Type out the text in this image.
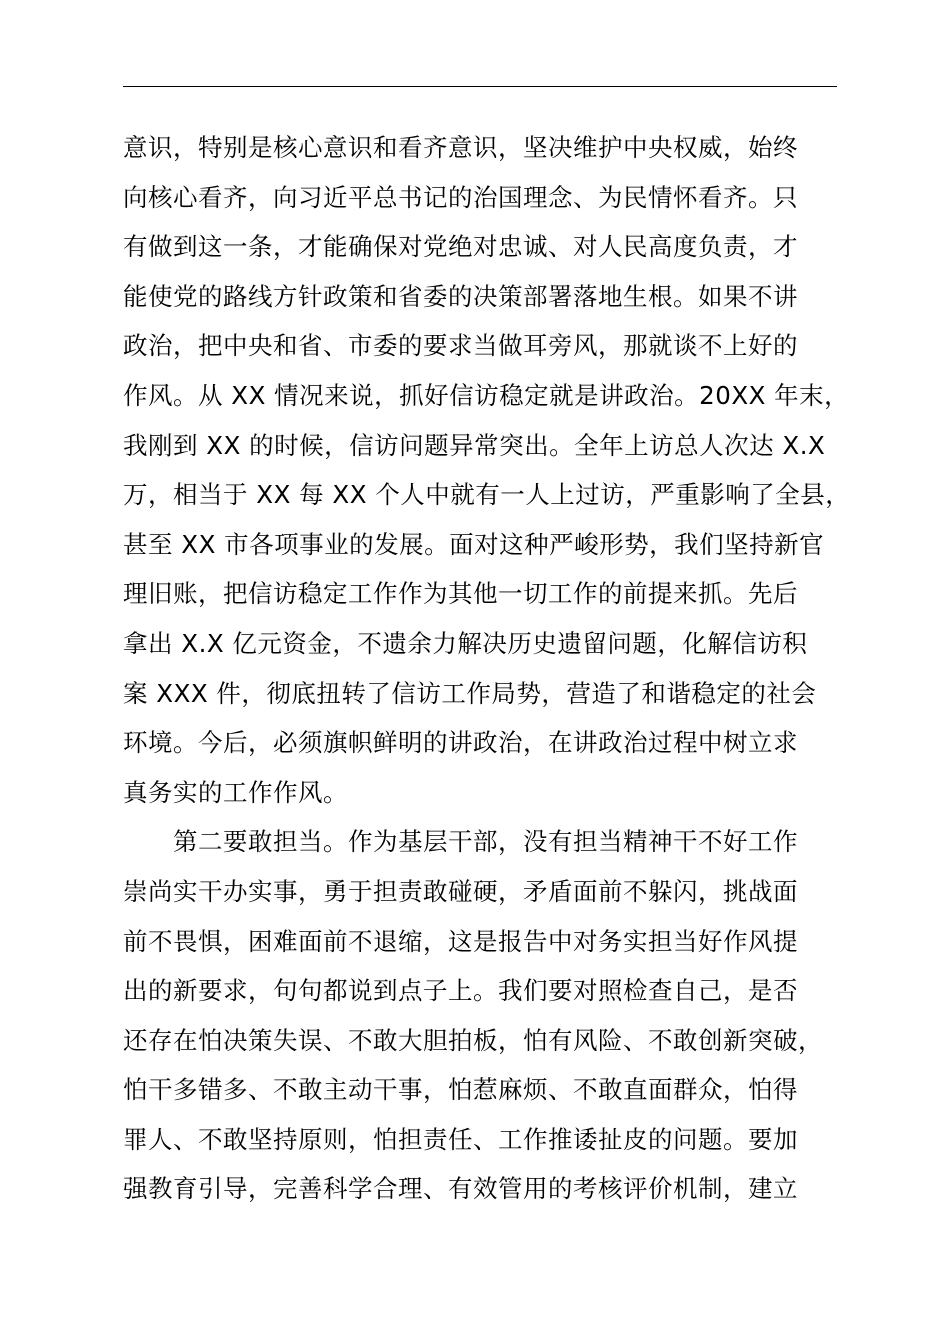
意识，特别是核心意识和看齐意识，坚决维护中央权威，始终
向核心看齐，向习近平总书记的治国理念、为民情怀看齐。只
有做到这一条，才能确保对党绝对忠诚、对人民高度负责，才
能使党的路线方针政策和省委的决策部署落地生根。如果不讲
政治，把中央和省、市委的要求当做耳旁风，那就谈不上好的
作风。从 XX 情况来说，抓好信访稳定就是讲政治。20XX 年末，
我刚到 XX 的时候，信访问题异常突出。全年上访总人次达 X.X
万，相当于 XX 每 XX 个人中就有一人上过访，严重影响了全县，
甚至 XX 市各项事业的发展。面对这种严峻形势，我们坚持新官
理旧账，把信访稳定工作作为其他一切工作的前提来抓。先后
拿出 X.X 亿元资金，不遗余力解决历史遗留问题，化解信访积
案 XXX 件，彻底扭转了信访工作局势，营造了和谐稳定的社会
环境。今后，必须旗帜鲜明的讲政治，在讲政治过程中树立求
真务实的工作作风。
第二要敢担当。作为基层干部，没有担当精神干不好工作
崇尚实干办实事，勇于担责敢碰硬，矛盾面前不躲闪，挑战面
前不畏惧，困难面前不退缩，这是报告中对务实担当好作风提
出的新要求，句句都说到点子上。我们要对照检查自己，是否
还存在怕决策失误、不敢大胆拍板，怕有风险、不敢创新突破，
怕干多错多、不敢主动干事，怕惹麻烦、不敢直面群众，怕得
罪人、不敢坚持原则，怕担责任、工作推诿扯皮的问题。要加
强教育引导，完善科学合理、有效管用的考核评价机制，建立
